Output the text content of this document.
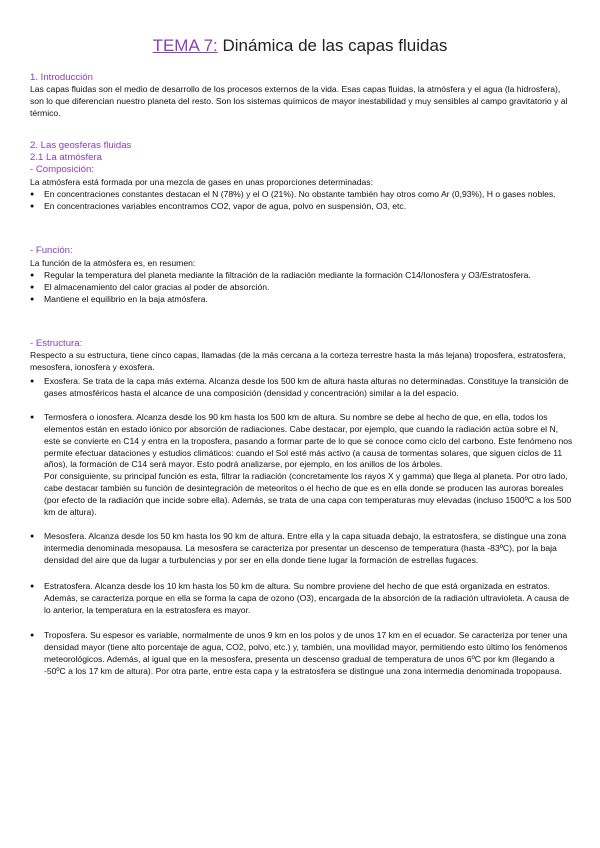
TEMA 7: Dinámica de las capas fluidas
1. Introducción
Las capas fluidas son el medio de desarrollo de los procesos externos de la vida. Esas capas fluidas, la atmósfera y el agua (la hidrosfera), son lo que diferencian nuestro planeta del resto. Son los sistemas químicos de mayor inestabilidad y muy sensibles al campo gravitatorio y al térmico.
2. Las geosferas fluidas
2.1 La atmósfera
- Composición:
La atmósfera está formada por una mezcla de gases en unas proporciones determinadas:
● En concentraciones constantes destacan el N (78%) y el O (21%). No obstante también hay otros como Ar (0,93%), H o gases nobles.
● En concentraciones variables encontramos CO2, vapor de agua, polvo en suspensión, O3, etc.
- Función:
La función de la atmósfera es, en resumen:
● Regular la temperatura del planeta mediante la filtración de la radiación mediante la formación C14/Ionosfera y O3/Estratosfera.
● El almacenamiento del calor gracias al poder de absorción.
● Mantiene el equilibrio en la baja atmósfera.
- Estructura:
Respecto a su estructura, tiene cinco capas, llamadas (de la más cercana a la corteza terrestre hasta la más lejana) troposfera, estratosfera, mesosfera, ionosfera y exosfera.
● Exosfera. Se trata de la capa más externa. Alcanza desde los 500 km de altura hasta alturas no determinadas. Constituye la transición de gases atmosféricos hasta el alcance de una composición (densidad y concentración) similar a la del espacio.
● Termosfera o ionosfera. Alcanza desde los 90 km hasta los 500 km de altura. Su nombre se debe al hecho de que, en ella, todos los elementos están en estado iónico por absorción de radiaciones. Cabe destacar, por ejemplo, que cuando la radiación actúa sobre el N, este se convierte en C14 y entra en la troposfera, pasando a formar parte de lo que se conoce como ciclo del carbono. Este fenómeno nos permite efectuar dataciones y estudios climáticos: cuando el Sol esté más activo (a causa de tormentas solares, que siguen ciclos de 11 años), la formación de C14 será mayor. Esto podrá analizarse, por ejemplo, en los anillos de los árboles.
Por consiguiente, su principal función es esta, filtrar la radiación (concretamente los rayos X y gamma) que llega al planeta. Por otro lado, cabe destacar también su función de desintegración de meteoritos o el hecho de que es en ella donde se producen las auroras boreales (por efecto de la radiación que incide sobre ella). Además, se trata de una capa con temperaturas muy elevadas (incluso 1500ºC a los 500 km de altura).
● Mesosfera. Alcanza desde los 50 km hasta los 90 km de altura. Entre ella y la capa situada debajo, la estratosfera, se distingue una zona intermedia denominada mesopausa. La mesosfera se caracteriza por presentar un descenso de temperatura (hasta -83ºC), por la baja densidad del aire que da lugar a turbulencias y por ser en ella donde tiene lugar la formación de estrellas fugaces.
● Estratosfera. Alcanza desde los 10 km hasta los 50 km de altura. Su nombre proviene del hecho de que está organizada en estratos. Además, se caracteriza porque en ella se forma la capa de ozono (O3), encargada de la absorción de la radiación ultravioleta. A causa de lo anterior, la temperatura en la estratosfera es mayor.
● Troposfera. Su espesor es variable, normalmente de unos 9 km en los polos y de unos 17 km en el ecuador. Se caracteriza por tener una densidad mayor (tiene alto porcentaje de agua, CO2, polvo, etc.) y, también, una movilidad mayor, permitiendo esto último los fenómenos meteorológicos. Además, al igual que en la mesosfera, presenta un descenso gradual de temperatura de unos 6ºC por km (llegando a -50ºC a los 17 km de altura). Por otra parte, entre esta capa y la estratosfera se distingue una zona intermedia denominada tropopausa.
